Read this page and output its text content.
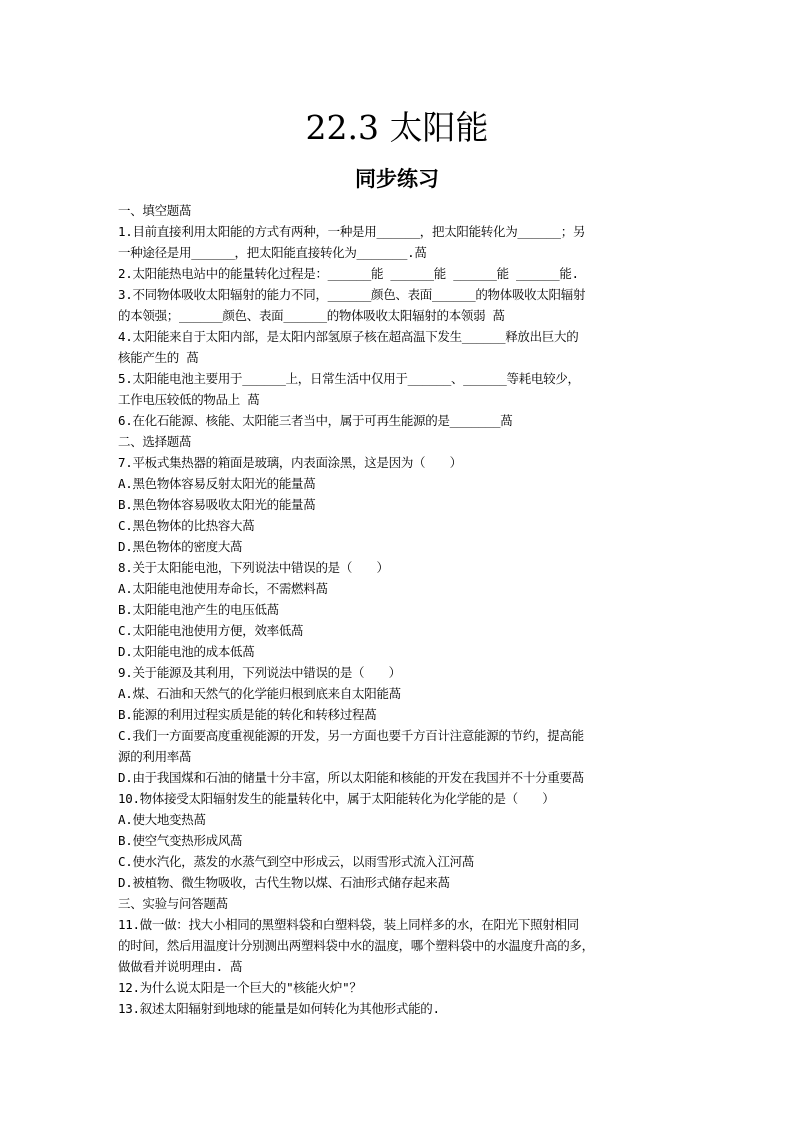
22.3 太阳能
同步练习
一、填空题萵
1.目前直接利用太阳能的方式有两种，一种是用______，把太阳能转化为______；另
一种途径是用______，把太阳能直接转化为_______.萵
2.太阳能热电站中的能量转化过程是：______能 ______能 ______能 ______能.
3.不同物体吸收太阳辐射的能力不同，______颜色、表面______的物体吸收太阳辐射
的本领强；______颜色、表面______的物体吸收太阳辐射的本领弱 萵
4.太阳能来自于太阳内部，是太阳内部氢原子核在超高温下发生______释放出巨大的
核能产生的 萵
5.太阳能电池主要用于______上，日常生活中仅用于______、______等耗电较少，
工作电压较低的物品上 萵
6.在化石能源、核能、太阳能三者当中，属于可再生能源的是_______萵
二、选择题萵
7.平板式集热器的箱面是玻璃，内表面涂黑，这是因为（　　）
A.黑色物体容易反射太阳光的能量萵
B.黑色物体容易吸收太阳光的能量萵
C.黑色物体的比热容大萵
D.黑色物体的密度大萵
8.关于太阳能电池，下列说法中错误的是（　　）
A.太阳能电池使用寿命长，不需燃料萵
B.太阳能电池产生的电压低萵
C.太阳能电池使用方便，效率低萵
D.太阳能电池的成本低萵
9.关于能源及其利用，下列说法中错误的是（　　）
A.煤、石油和天然气的化学能归根到底来自太阳能萵
B.能源的利用过程实质是能的转化和转移过程萵
C.我们一方面要高度重视能源的开发，另一方面也要千方百计注意能源的节约，提高能
源的利用率萵
D.由于我国煤和石油的储量十分丰富，所以太阳能和核能的开发在我国并不十分重要萵
10.物体接受太阳辐射发生的能量转化中，属于太阳能转化为化学能的是（　　）
A.使大地变热萵
B.使空气变热形成风萵
C.使水汽化，蒸发的水蒸气到空中形成云，以雨雪形式流入江河萵
D.被植物、微生物吸收，古代生物以煤、石油形式储存起来萵
三、实验与问答题萵
11.做一做：找大小相同的黑塑料袋和白塑料袋，装上同样多的水，在阳光下照射相同
的时间，然后用温度计分别测出两塑料袋中水的温度，哪个塑料袋中的水温度升高的多，
做做看并说明理由. 萵
12.为什么说太阳是一个巨大的"核能火炉"？
13.叙述太阳辐射到地球的能量是如何转化为其他形式能的.
